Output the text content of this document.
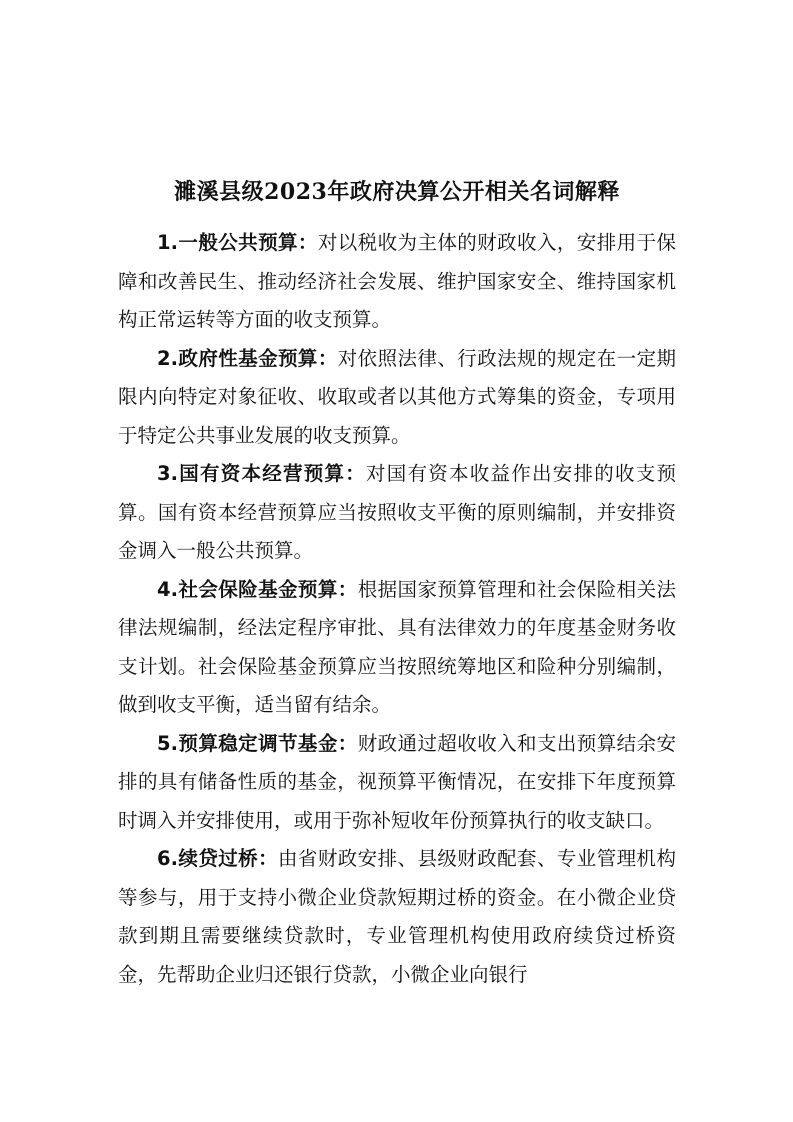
濉溪县级2023年政府决算公开相关名词解释

1.一般公共预算：对以税收为主体的财政收入，安排用于保障和改善民生、推动经济社会发展、维护国家安全、维持国家机构正常运转等方面的收支预算。

2.政府性基金预算：对依照法律、行政法规的规定在一定期限内向特定对象征收、收取或者以其他方式筹集的资金，专项用于特定公共事业发展的收支预算。

3.国有资本经营预算：对国有资本收益作出安排的收支预算。国有资本经营预算应当按照收支平衡的原则编制，并安排资金调入一般公共预算。

4.社会保险基金预算：根据国家预算管理和社会保险相关法律法规编制，经法定程序审批、具有法律效力的年度基金财务收支计划。社会保险基金预算应当按照统筹地区和险种分别编制，做到收支平衡，适当留有结余。

5.预算稳定调节基金：财政通过超收收入和支出预算结余安排的具有储备性质的基金，视预算平衡情况，在安排下年度预算时调入并安排使用，或用于弥补短收年份预算执行的收支缺口。

6.续贷过桥：由省财政安排、县级财政配套、专业管理机构等参与，用于支持小微企业贷款短期过桥的资金。在小微企业贷款到期且需要继续贷款时，专业管理机构使用政府续贷过桥资金，先帮助企业归还银行贷款，小微企业向银行
